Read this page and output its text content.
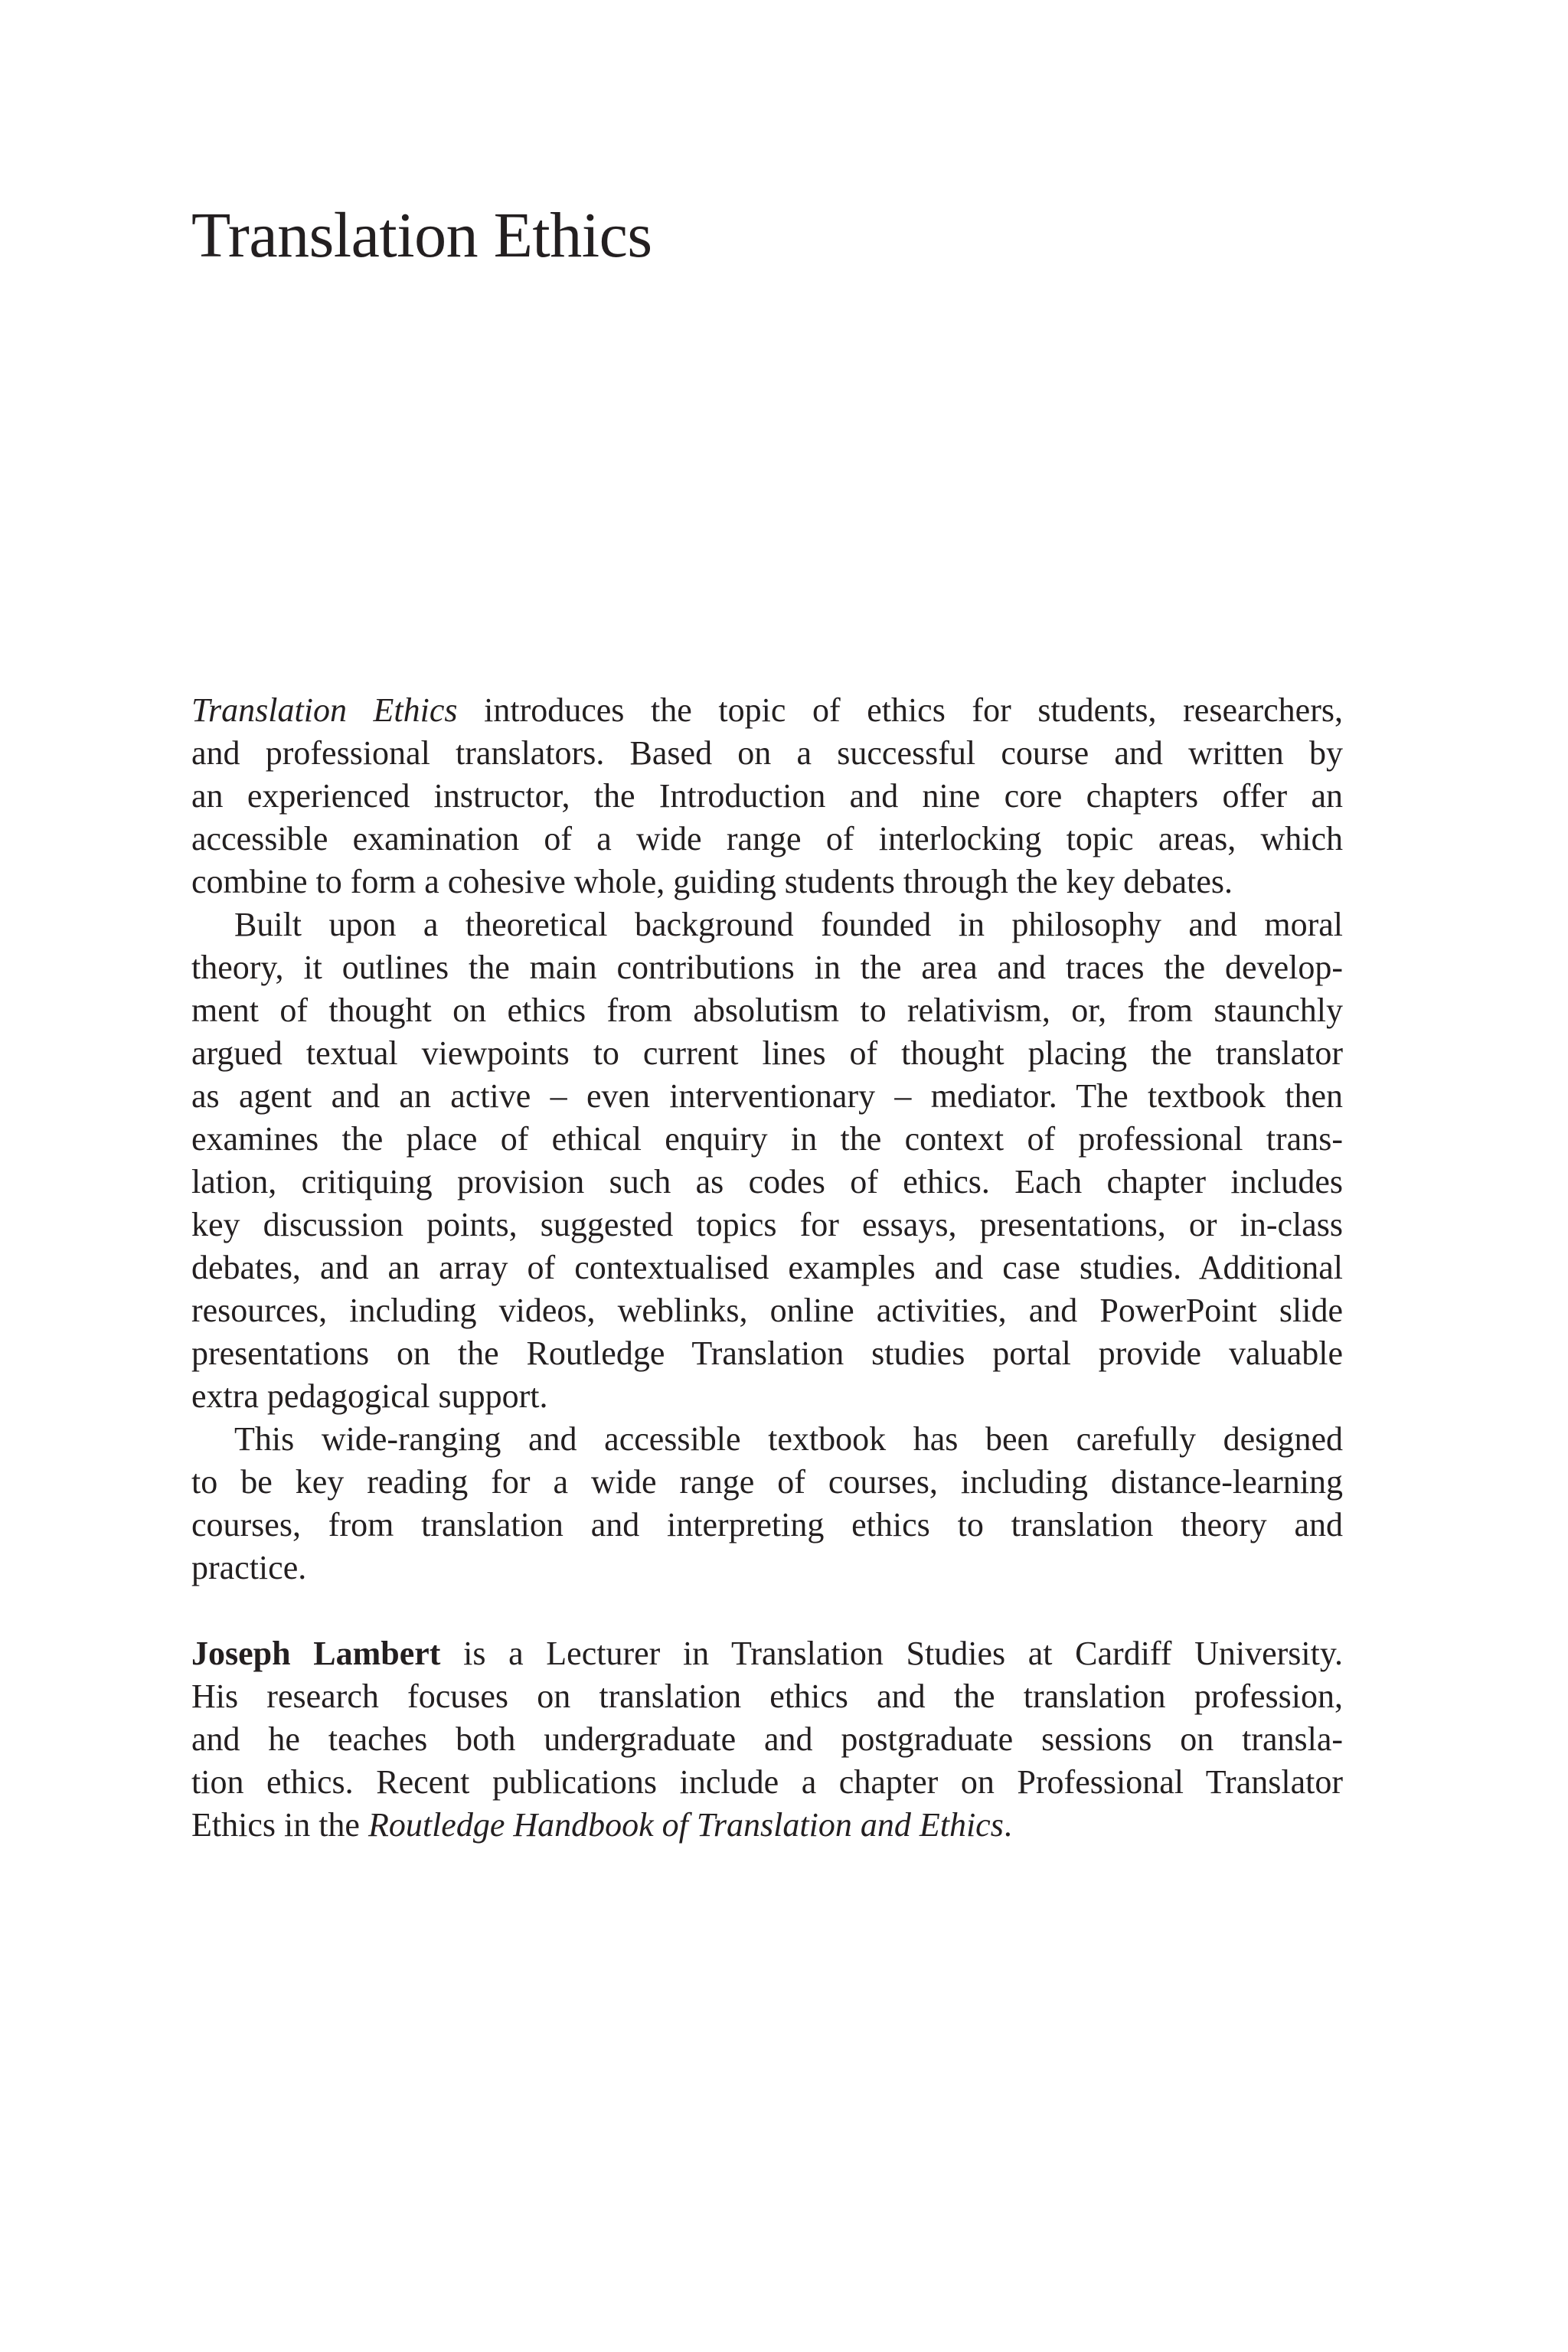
Translation Ethics
Translation Ethics introduces the topic of ethics for students, researchers,
and professional translators. Based on a successful course and written by
an experienced instructor, the Introduction and nine core chapters offer an
accessible examination of a wide range of interlocking topic areas, which
combine to form a cohesive whole, guiding students through the key debates.
Built upon a theoretical background founded in philosophy and moral
theory, it outlines the main contributions in the area and traces the develop-
ment of thought on ethics from absolutism to relativism, or, from staunchly
argued textual viewpoints to current lines of thought placing the translator
as agent and an active – even interventionary – mediator. The textbook then
examines the place of ethical enquiry in the context of professional trans-
lation, critiquing provision such as codes of ethics. Each chapter includes
key discussion points, suggested topics for essays, presentations, or in-class
debates, and an array of contextualised examples and case studies. Additional
resources, including videos, weblinks, online activities, and PowerPoint slide
presentations on the Routledge Translation studies portal provide valuable
extra pedagogical support.
This wide-ranging and accessible textbook has been carefully designed
to be key reading for a wide range of courses, including distance-learning
courses, from translation and interpreting ethics to translation theory and
practice.
Joseph Lambert is a Lecturer in Translation Studies at Cardiff University.
His research focuses on translation ethics and the translation profession,
and he teaches both undergraduate and postgraduate sessions on transla-
tion ethics. Recent publications include a chapter on Professional Translator
Ethics in the Routledge Handbook of Translation and Ethics.
